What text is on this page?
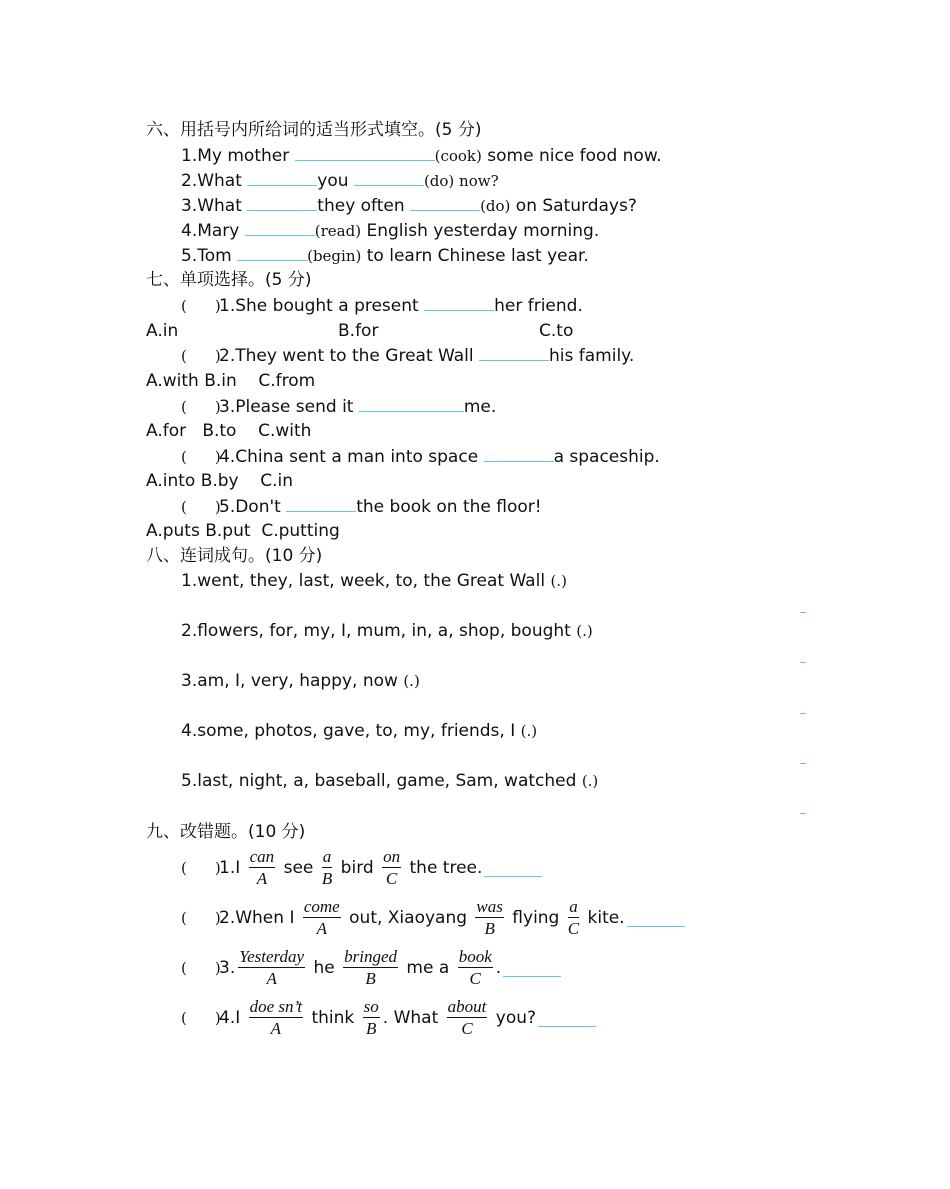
六、用括号内所给词的适当形式填空。(5 分)
1.My mother	(cook) some nice food now.
2.What	you	(do) now?
3.What	they often	(do) on Saturdays?
4.Mary	(read) English yesterday morning.
5.Tom	(begin) to learn Chinese last year.
七、单项选择。(5 分)
( )1.She bought a present	her friend.
A.in	B.for	C.to
( )2.They went to the Great Wall	his family.
A.with B.in    C.from
( )3.Please send it	me.
A.for   B.to    C.with
( )4.China sent a man into space	a spaceship.
A.into B.by    C.in
( )5.Don't	the book on the floor!
A.puts B.put  C.putting
八、连词成句。(10 分)
1.went, they, last, week, to, the Great Wall (.)
2.flowers, for, my, I, mum, in, a, shop, bought (.)
3.am, I, very, happy, now (.)
4.some, photos, gave, to, my, friends, I (.)
5.last, night, a, baseball, game, Sam, watched (.)
九、改错题。(10 分)
( )
$1.I \frac{\text{can}}{A}$ see $\frac{a}{B}$ bird $\frac{on}{C}$ the tree.
( )
2.When I $\frac{\text{come}}{A}$ out, Xiaoyang $\frac{\text{was}}{B}$ flying $\frac{a}{C}$ kite.
( )
3. $\frac{\text{Yesterday}}{A}$ he $\frac{\text{bringed}}{B}$ me a $\frac{\text{book}}{C}$ .
( )
$4.I \frac{\text{doe sn’t}}{A}$ think $\frac{so}{B}$ . What $\frac{\text{about}}{C}$ you?
